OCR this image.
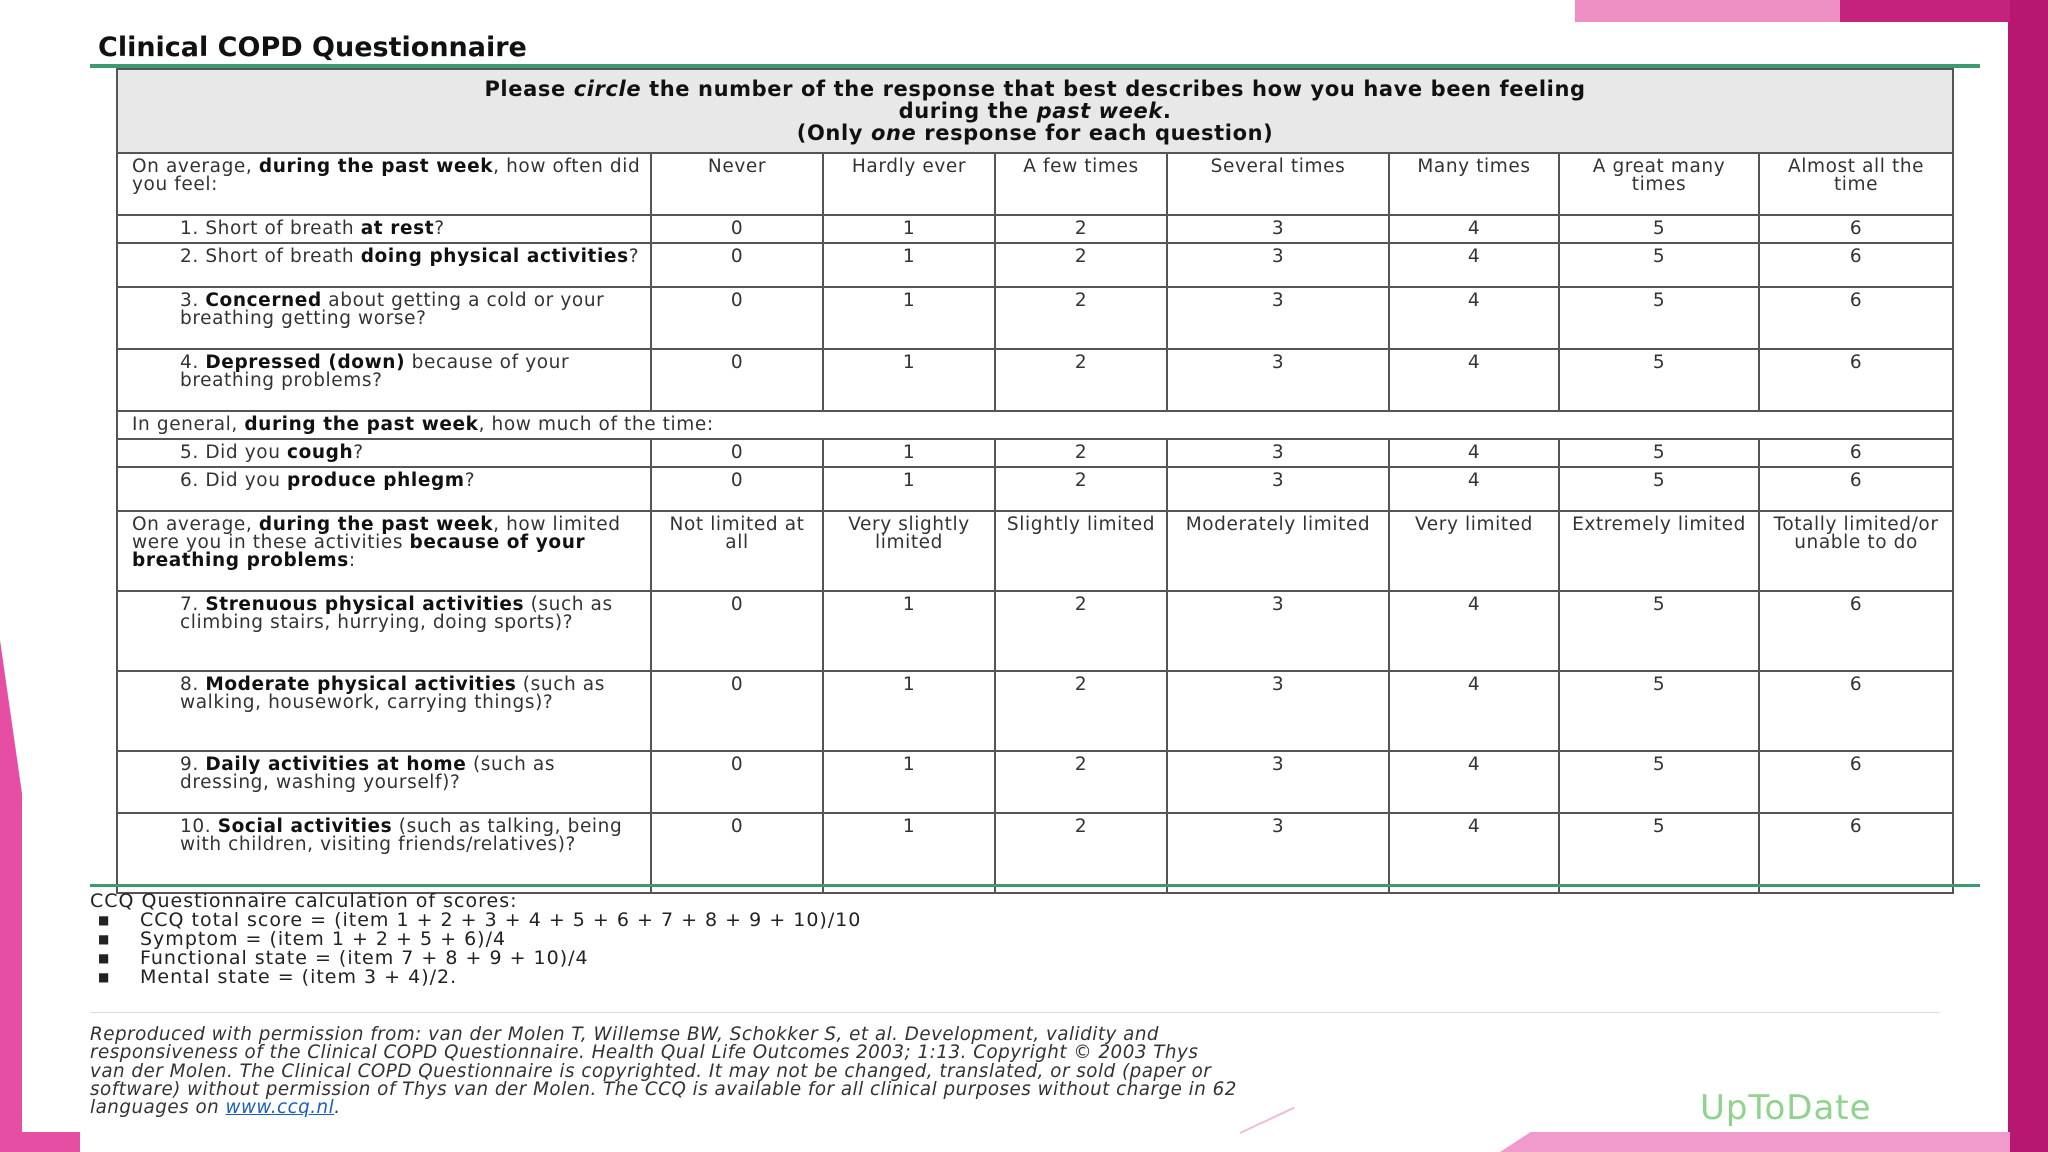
Clinical COPD Questionnaire
Please circle the number of the response that best describes how you have been feeling
during the past week.
(Only one response for each question)							

On average, during the past week, how often did you feel:	Never	Hardly ever	A few times	Several times	Many times	A great many times	Almost all the time

1. Short of breath at rest?	0	1	2	3	4	5	6

2. Short of breath doing physical activities?	0	1	2	3	4	5	6

3. Concerned about getting a cold or your breathing getting worse?	0	1	2	3	4	5	6

4. Depressed (down) because of your breathing problems?	0	1	2	3	4	5	6
In general, during the past week, how much of the time:							

5. Did you cough?	0	1	2	3	4	5	6

6. Did you produce phlegm?	0	1	2	3	4	5	6
On average, during the past week, how limited were you in these activities because of your breathing problems:	Not limited at all	Very slightly limited	Slightly limited	Moderately limited	Very limited	Extremely limited	Totally limited/or unable to do

7. Strenuous physical activities (such as climbing stairs, hurrying, doing sports)?	0	1	2	3	4	5	6

8. Moderate physical activities (such as walking, housework, carrying things)?	0	1	2	3	4	5	6

9. Daily activities at home (such as dressing, washing yourself)?	0	1	2	3	4	5	6

10. Social activities (such as talking, being with children, visiting friends/relatives)?	0	1	2	3	4	5	6
CCQ Questionnaire calculation of scores:
■ CCQ total score = (item 1 + 2 + 3 + 4 + 5 + 6 + 7 + 8 + 9 + 10)/10
■ Symptom = (item 1 + 2 + 5 + 6)/4
■ Functional state = (item 7 + 8 + 9 + 10)/4
■ Mental state = (item 3 + 4)/2.
Reproduced with permission from: van der Molen T, Willemse BW, Schokker S, et al. Development, validity and
responsiveness of the Clinical COPD Questionnaire. Health Qual Life Outcomes 2003; 1:13. Copyright © 2003 Thys
van der Molen. The Clinical COPD Questionnaire is copyrighted. It may not be changed, translated, or sold (paper or
software) without permission of Thys van der Molen. The CCQ is available for all clinical purposes without charge in 62
languages on www.ccq.nl.	UpToDate
